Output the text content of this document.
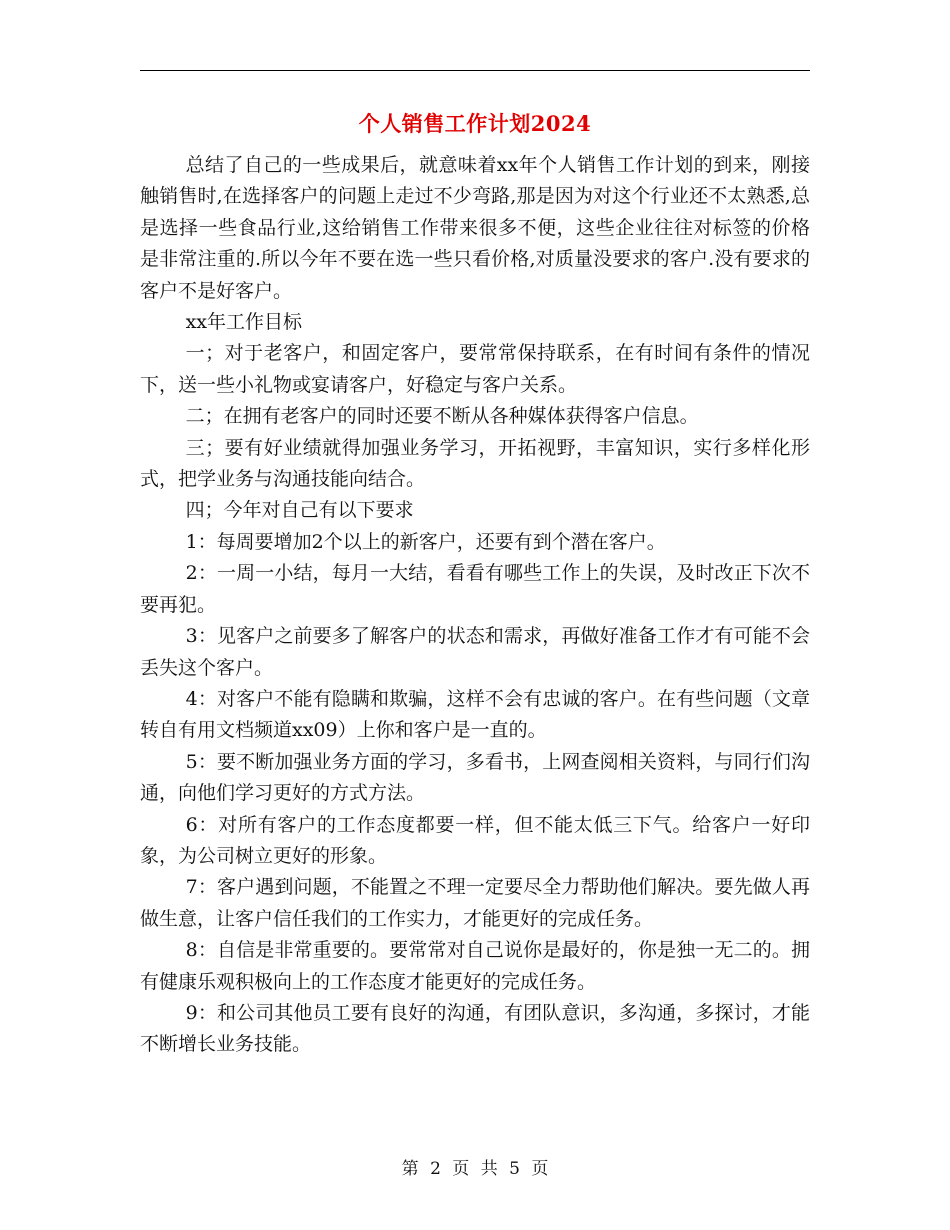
个人销售工作计划2024

总结了自己的一些成果后，就意味着xx年个人销售工作计划的到来，刚接触销售时,在选择客户的问题上走过不少弯路,那是因为对这个行业还不太熟悉,总是选择一些食品行业,这给销售工作带来很多不便，这些企业往往对标签的价格是非常注重的.所以今年不要在选一些只看价格,对质量没要求的客户.没有要求的客户不是好客户。

xx年工作目标

一；对于老客户，和固定客户，要常常保持联系，在有时间有条件的情况下，送一些小礼物或宴请客户，好稳定与客户关系。

二；在拥有老客户的同时还要不断从各种媒体获得客户信息。

三；要有好业绩就得加强业务学习，开拓视野，丰富知识，实行多样化形式，把学业务与沟通技能向结合。

四；今年对自己有以下要求

1：每周要增加2个以上的新客户，还要有到个潜在客户。

2：一周一小结，每月一大结，看看有哪些工作上的失误，及时改正下次不要再犯。

3：见客户之前要多了解客户的状态和需求，再做好准备工作才有可能不会丢失这个客户。

4：对客户不能有隐瞒和欺骗，这样不会有忠诚的客户。在有些问题（文章转自有用文档频道xx09）上你和客户是一直的。

5：要不断加强业务方面的学习，多看书，上网查阅相关资料，与同行们沟通，向他们学习更好的方式方法。

6：对所有客户的工作态度都要一样，但不能太低三下气。给客户一好印象，为公司树立更好的形象。

7：客户遇到问题，不能置之不理一定要尽全力帮助他们解决。要先做人再做生意，让客户信任我们的工作实力，才能更好的完成任务。

8：自信是非常重要的。要常常对自己说你是最好的，你是独一无二的。拥有健康乐观积极向上的工作态度才能更好的完成任务。

9：和公司其他员工要有良好的沟通，有团队意识，多沟通，多探讨，才能不断增长业务技能。

第 2 页 共 5 页
